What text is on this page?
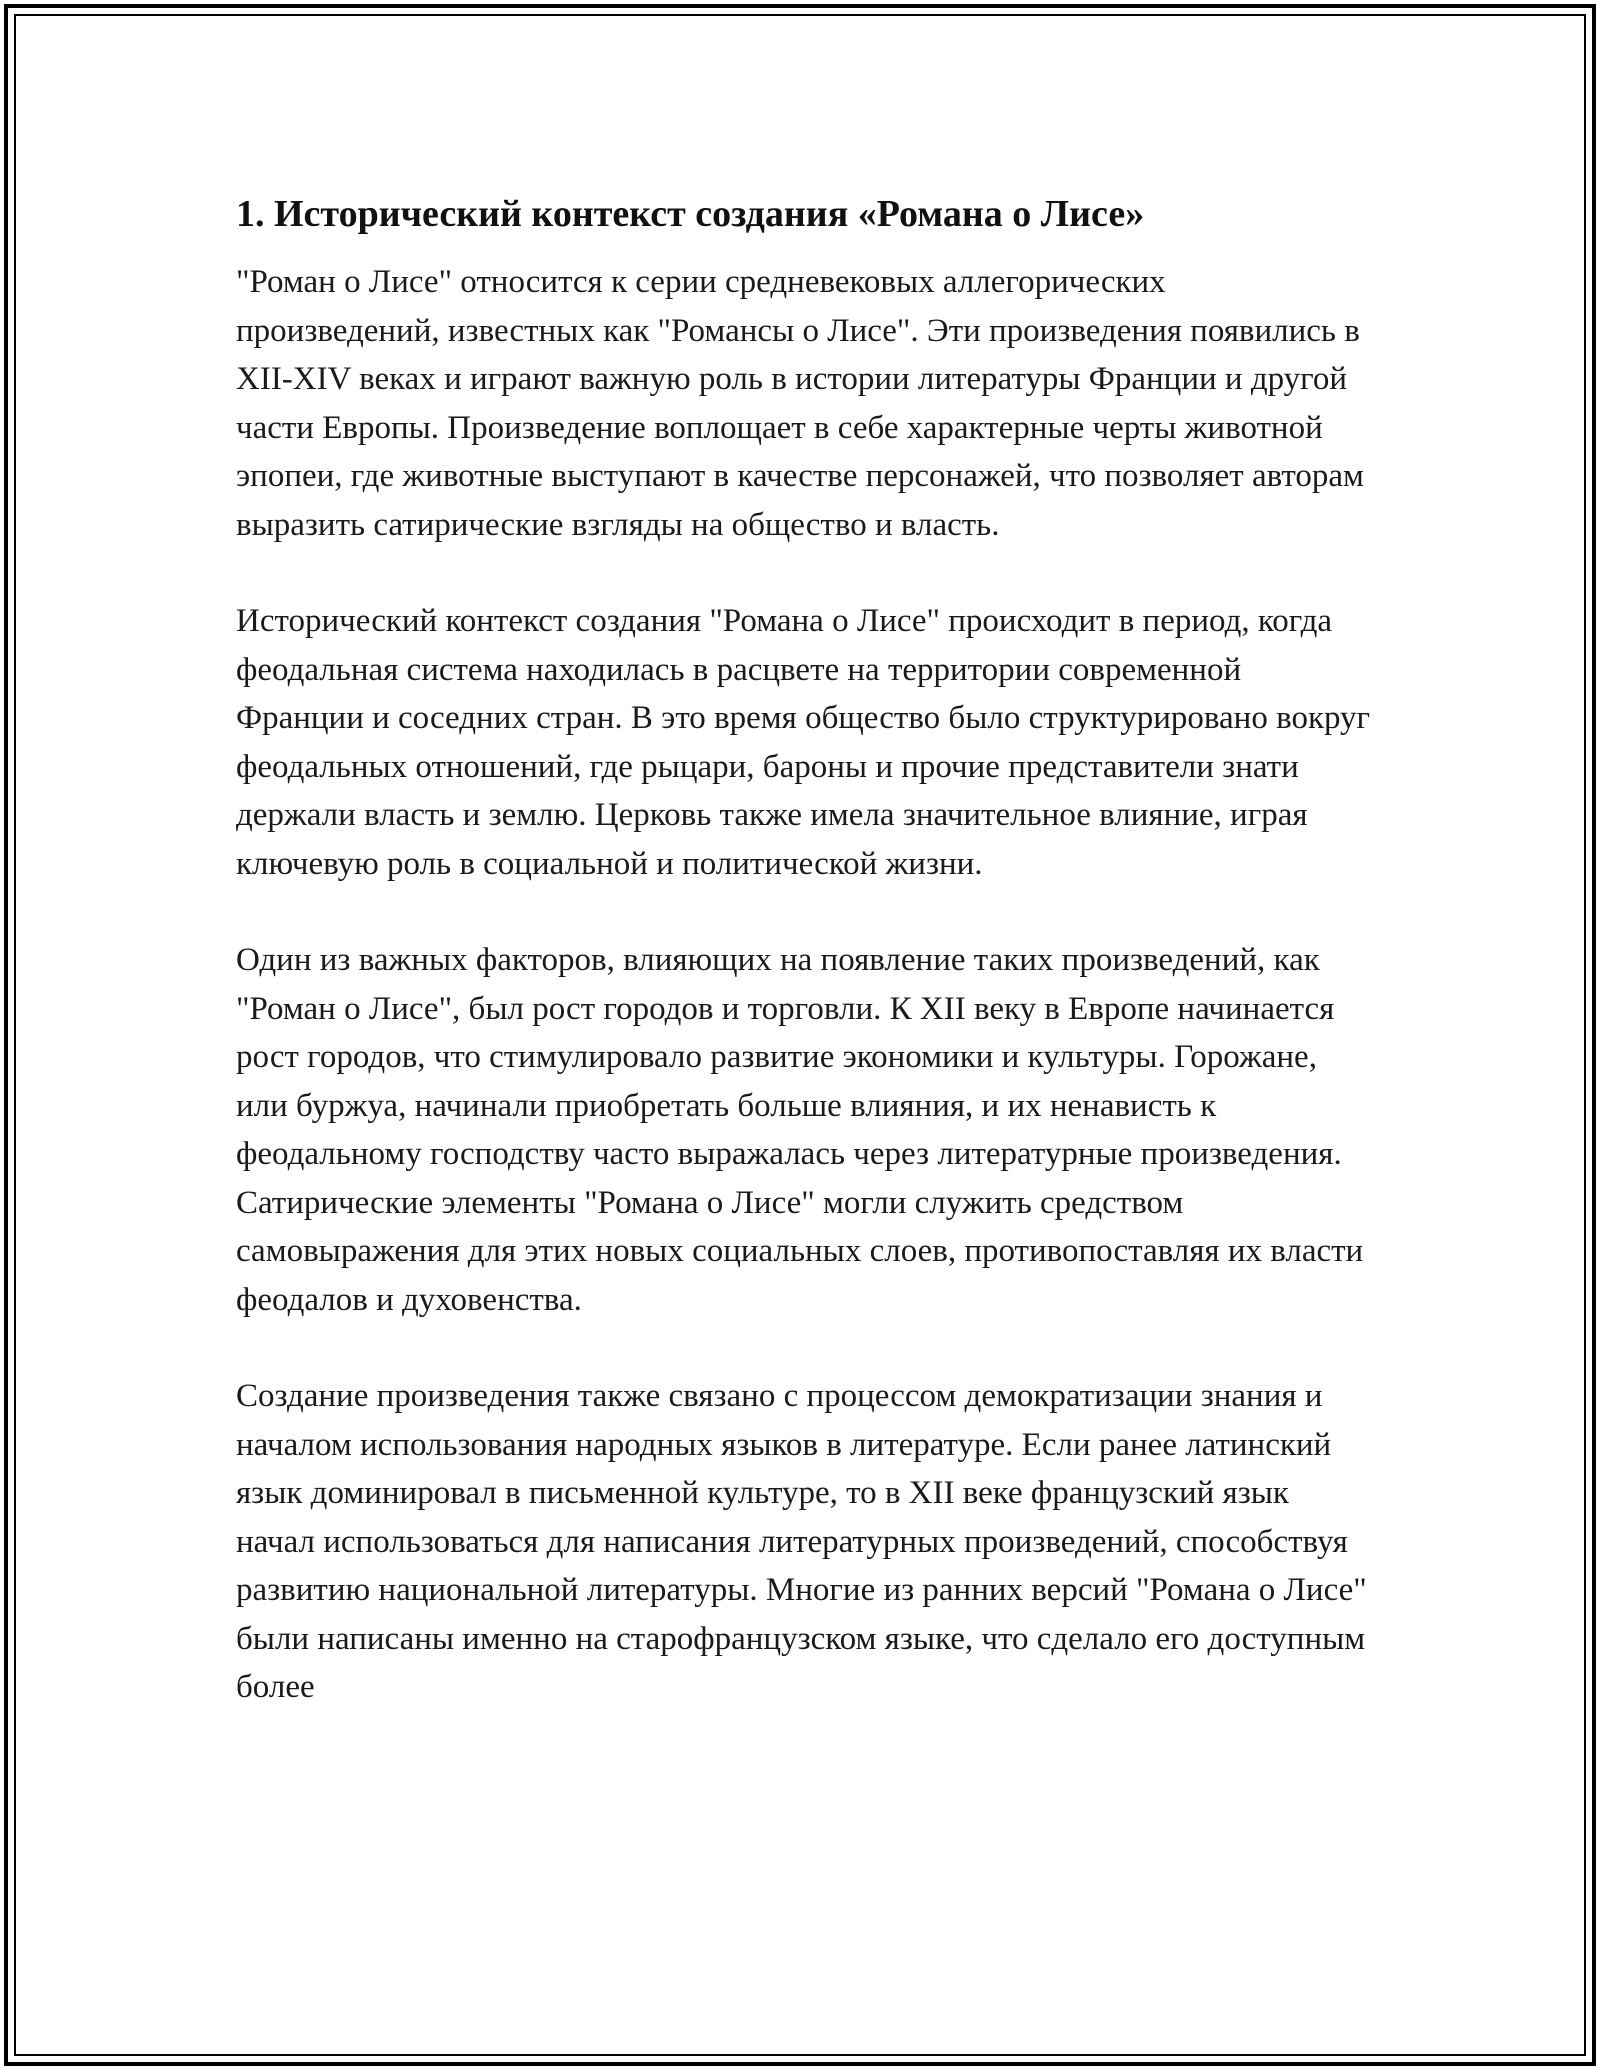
1. Исторический контекст создания «Романа о Лисе»

"Роман о Лисе" относится к серии средневековых аллегорических произведений, известных как "Романсы о Лисе". Эти произведения появились в XII-XIV веках и играют важную роль в истории литературы Франции и другой части Европы. Произведение воплощает в себе характерные черты животной эпопеи, где животные выступают в качестве персонажей, что позволяет авторам выразить сатирические взгляды на общество и власть.

Исторический контекст создания "Романа о Лисе" происходит в период, когда феодальная система находилась в расцвете на территории современной Франции и соседних стран. В это время общество было структурировано вокруг феодальных отношений, где рыцари, бароны и прочие представители знати держали власть и землю. Церковь также имела значительное влияние, играя ключевую роль в социальной и политической жизни.

Один из важных факторов, влияющих на появление таких произведений, как "Роман о Лисе", был рост городов и торговли. К XII веку в Европе начинается рост городов, что стимулировало развитие экономики и культуры. Горожане, или буржуа, начинали приобретать больше влияния, и их ненависть к феодальному господству часто выражалась через литературные произведения. Сатирические элементы "Романа о Лисе" могли служить средством самовыражения для этих новых социальных слоев, противопоставляя их власти феодалов и духовенства.

Создание произведения также связано с процессом демократизации знания и началом использования народных языков в литературе. Если ранее латинский язык доминировал в письменной культуре, то в XII веке французский язык начал использоваться для написания литературных произведений, способствуя развитию национальной литературы. Многие из ранних версий "Романа о Лисе" были написаны именно на старофранцузском языке, что сделало его доступным более
